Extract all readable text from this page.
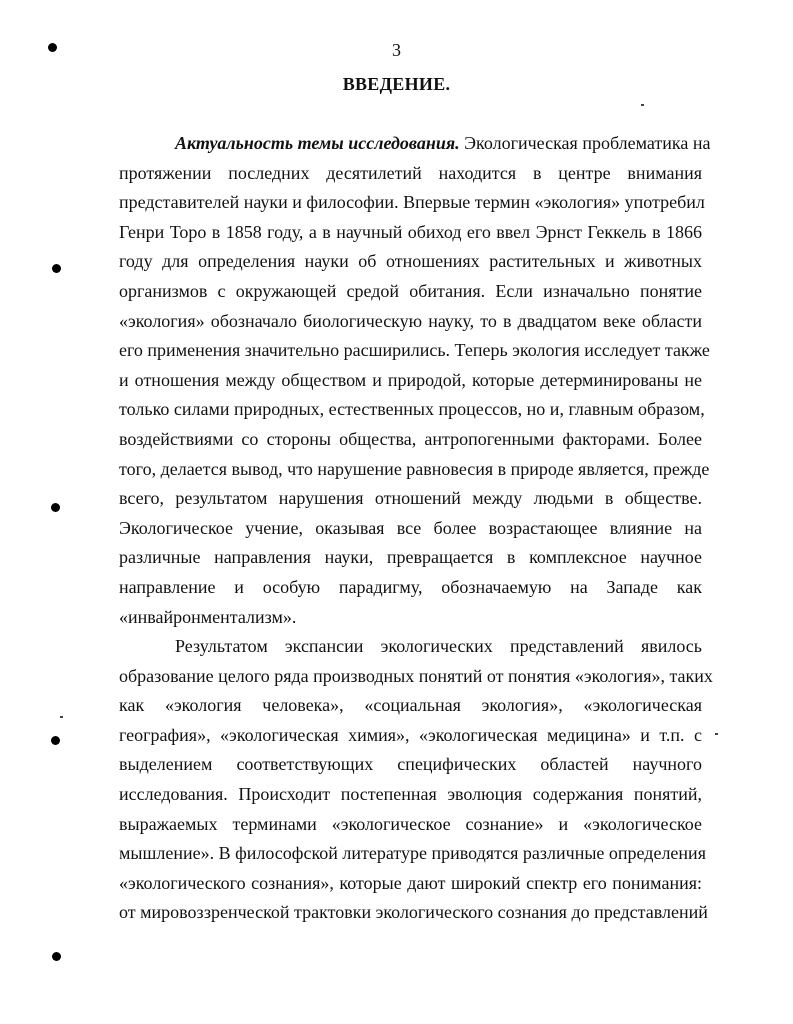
3
ВВЕДЕНИЕ.

Актуальность темы исследования. Экологическая проблематика на
протяжении последних десятилетий находится в центре внимания
представителей науки и философии. Впервые термин «экология» употребил
Генри Торо в 1858 году, а в научный обиход его ввел Эрнст Геккель в 1866
году для определения науки об отношениях растительных и животных
организмов с окружающей средой обитания. Если изначально понятие
«экология» обозначало биологическую науку, то в двадцатом веке области
его применения значительно расширились. Теперь экология исследует также
и отношения между обществом и природой, которые детерминированы не
только силами природных, естественных процессов, но и, главным образом,
воздействиями со стороны общества, антропогенными факторами. Более
того, делается вывод, что нарушение равновесия в природе является, прежде
всего, результатом нарушения отношений между людьми в обществе.
Экологическое учение, оказывая все более возрастающее влияние на
различные направления науки, превращается в комплексное научное
направление и особую парадигму, обозначаемую на Западе как
«инвайронментализм».

Результатом экспансии экологических представлений явилось
образование целого ряда производных понятий от понятия «экология», таких
как «экология человека», «социальная экология», «экологическая
география», «экологическая химия», «экологическая медицина» и т.п. с
выделением соответствующих специфических областей научного
исследования. Происходит постепенная эволюция содержания понятий,
выражаемых терминами «экологическое сознание» и «экологическое
мышление». В философской литературе приводятся различные определения
«экологического сознания», которые дают широкий спектр его понимания:
от мировоззренческой трактовки экологического сознания до представлений
